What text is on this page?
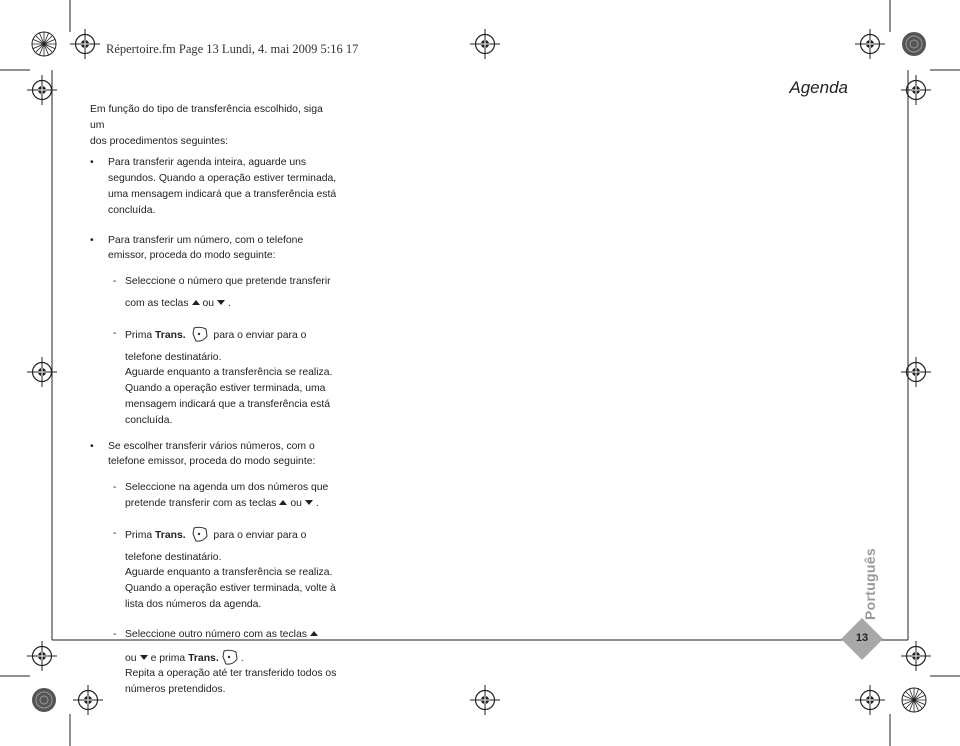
Répertoire.fm Page 13 Lundi, 4. mai 2009 5:16 17
Agenda

Em função do tipo de transferência escolhido, siga um

dos procedimentos seguintes:

• Para transferir agenda inteira, aguarde uns

segundos. Quando a operação estiver terminada,

uma mensagem indicará que a transferência está

concluída.

• Para transferir um número, com o telefone

emissor, proceda do modo seguinte:

- Seleccione o número que pretende transferir

com as teclas ou .

- Prima Trans.	para o enviar para o

telefone destinatário.

Aguarde enquanto a transferência se realiza.

Quando a operação estiver terminada, uma

mensagem indicará que a transferência está

concluída.

• Se escolher transferir vários números, com o

telefone emissor, proceda do modo seguinte:

- Seleccione na agenda um dos números que

pretende transferir com as teclas ou .

- Prima Trans.	para o enviar para o

telefone destinatário.

Aguarde enquanto a transferência se realiza.

Quando a operação estiver terminada, volte à

lista dos números da agenda.

- Seleccione outro número com as teclas

ou e prima Trans. .

Repita a operação até ter transferido todos os

números pretendidos.

Português
13
